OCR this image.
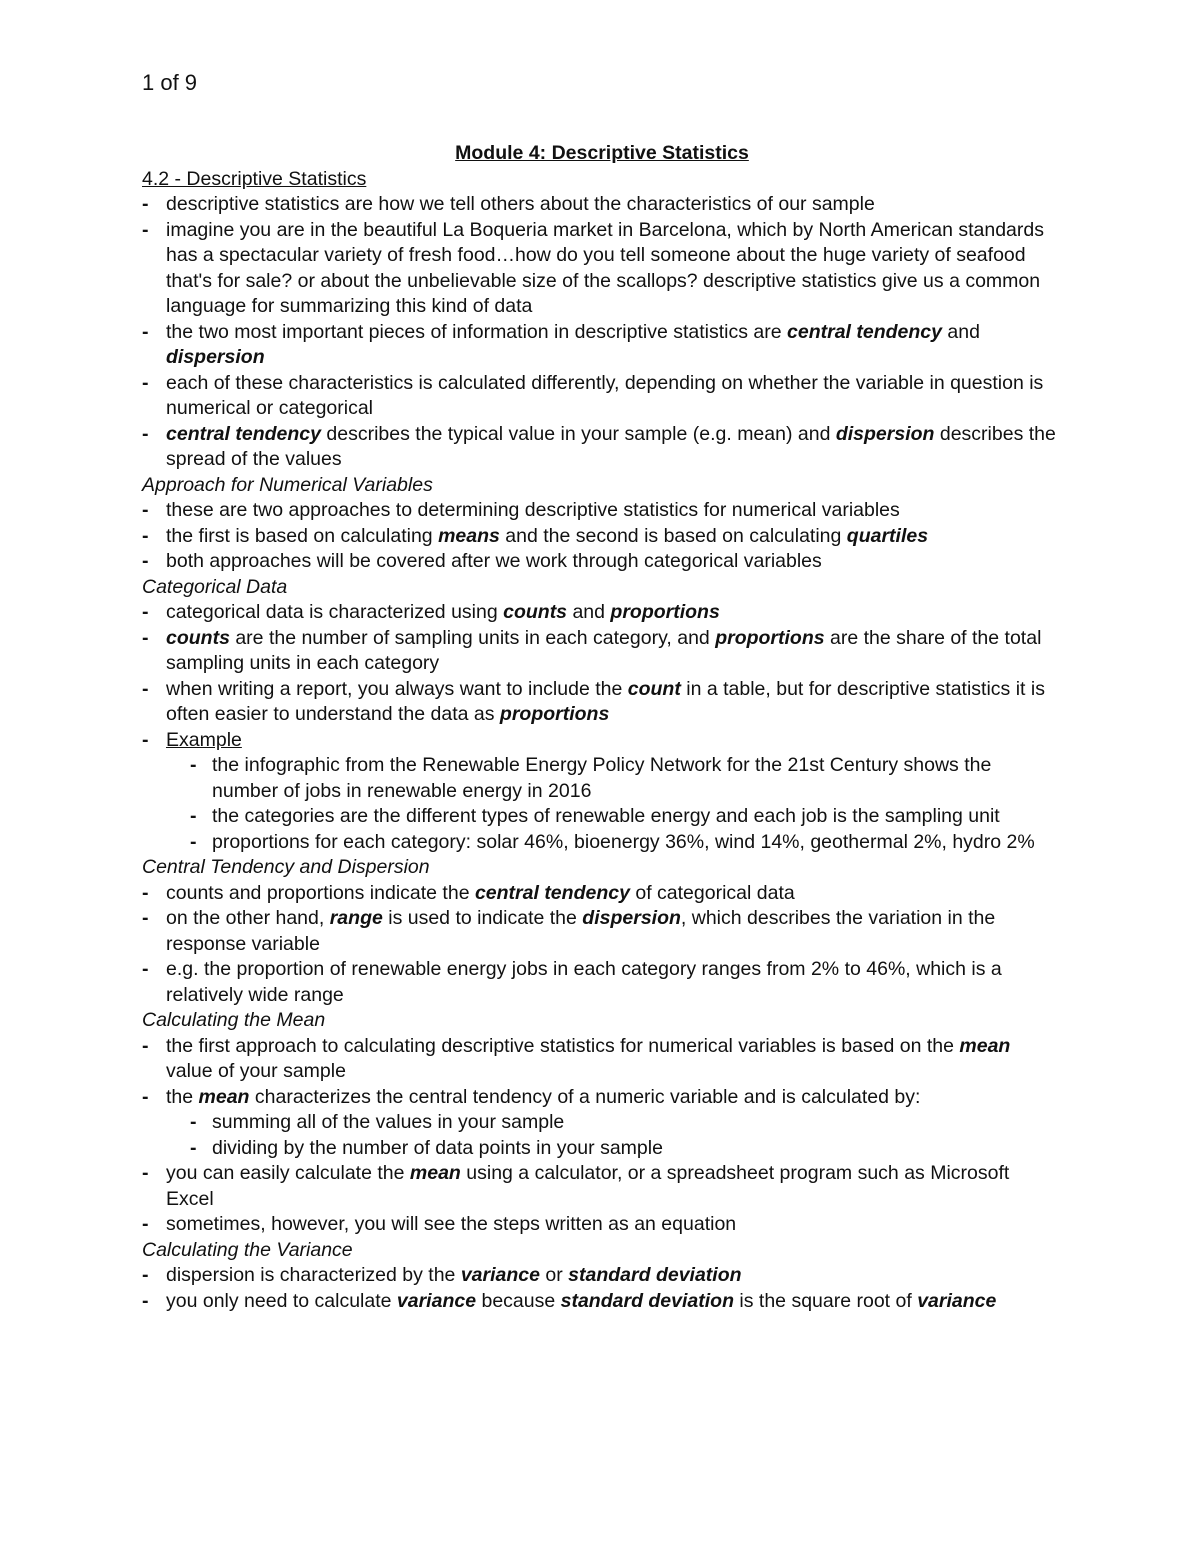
1 of 9
Module 4: Descriptive Statistics
4.2 - Descriptive Statistics
- descriptive statistics are how we tell others about the characteristics of our sample
- imagine you are in the beautiful La Boqueria market in Barcelona, which by North American standards has a spectacular variety of fresh food…how do you tell someone about the huge variety of seafood that's for sale? or about the unbelievable size of the scallops? descriptive statistics give us a common language for summarizing this kind of data
- the two most important pieces of information in descriptive statistics are central tendency and dispersion
- each of these characteristics is calculated differently, depending on whether the variable in question is numerical or categorical
- central tendency describes the typical value in your sample (e.g. mean) and dispersion describes the spread of the values
Approach for Numerical Variables
- these are two approaches to determining descriptive statistics for numerical variables
- the first is based on calculating means and the second is based on calculating quartiles
- both approaches will be covered after we work through categorical variables
Categorical Data
- categorical data is characterized using counts and proportions
- counts are the number of sampling units in each category, and proportions are the share of the total sampling units in each category
- when writing a report, you always want to include the count in a table, but for descriptive statistics it is often easier to understand the data as proportions
- Example
- the infographic from the Renewable Energy Policy Network for the 21st Century shows the number of jobs in renewable energy in 2016
- the categories are the different types of renewable energy and each job is the sampling unit
- proportions for each category: solar 46%, bioenergy 36%, wind 14%, geothermal 2%, hydro 2%
Central Tendency and Dispersion
- counts and proportions indicate the central tendency of categorical data
- on the other hand, range is used to indicate the dispersion, which describes the variation in the response variable
- e.g. the proportion of renewable energy jobs in each category ranges from 2% to 46%, which is a relatively wide range
Calculating the Mean
- the first approach to calculating descriptive statistics for numerical variables is based on the mean value of your sample
- the mean characterizes the central tendency of a numeric variable and is calculated by:
- summing all of the values in your sample
- dividing by the number of data points in your sample
- you can easily calculate the mean using a calculator, or a spreadsheet program such as Microsoft Excel
- sometimes, however, you will see the steps written as an equation
Calculating the Variance
- dispersion is characterized by the variance or standard deviation
- you only need to calculate variance because standard deviation is the square root of variance
